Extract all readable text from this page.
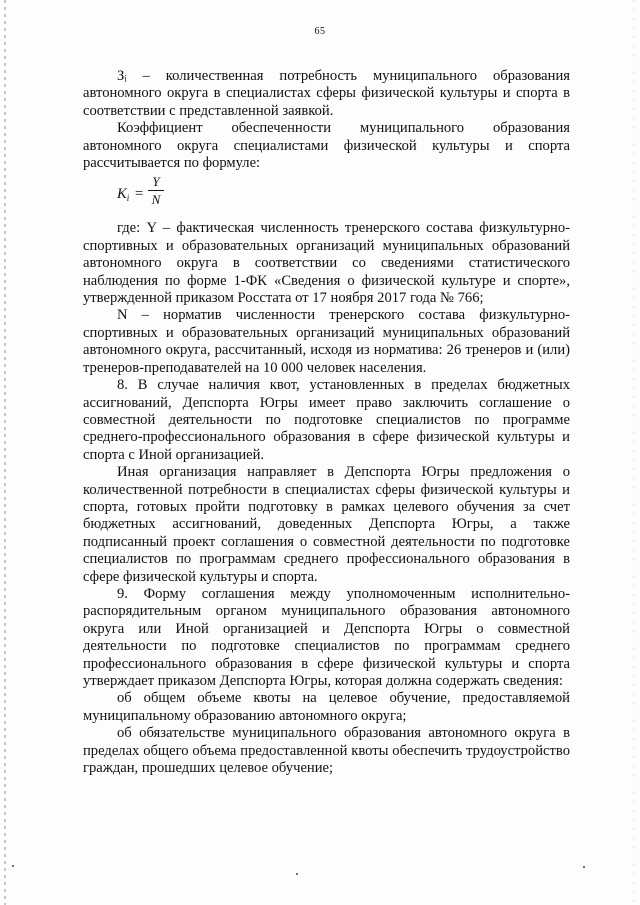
65

Зᵢ – количественная потребность муниципального образования автономного округа в специалистах сферы физической культуры и спорта в соответствии с представленной заявкой.

Коэффициент обеспеченности муниципального образования автономного округа специалистами физической культуры и спорта рассчитывается по формуле:

$K_i$ =
Y
N

где: Y – фактическая численность тренерского состава физкультурно-спортивных и образовательных организаций муниципальных образований автономного округа в соответствии со сведениями статистического наблюдения по форме 1-ФК «Сведения о физической культуре и спорте», утвержденной приказом Росстата от 17 ноября 2017 года № 766;

N – норматив численности тренерского состава физкультурно-спортивных и образовательных организаций муниципальных образований автономного округа, рассчитанный, исходя из норматива: 26 тренеров и (или) тренеров-преподавателей на 10 000 человек населения.

8. В случае наличия квот, установленных в пределах бюджетных ассигнований, Депспорта Югры имеет право заключить соглашение о совместной деятельности по подготовке специалистов по программе среднего-профессионального образования в сфере физической культуры и спорта с Иной организацией.

Иная организация направляет в Депспорта Югры предложения о количественной потребности в специалистах сферы физической культуры и спорта, готовых пройти подготовку в рамках целевого обучения за счет бюджетных ассигнований, доведенных Депспорта Югры, а также подписанный проект соглашения о совместной деятельности по подготовке специалистов по программам среднего профессионального образования в сфере физической культуры и спорта.

9. Форму соглашения между уполномоченным исполнительно-распорядительным органом муниципального образования автономного округа или Иной организацией и Депспорта Югры о совместной деятельности по подготовке специалистов по программам среднего профессионального образования в сфере физической культуры и спорта утверждает приказом Депспорта Югры, которая должна содержать сведения:

об общем объеме квоты на целевое обучение, предоставляемой муниципальному образованию автономного округа;

об обязательстве муниципального образования автономного округа в пределах общего объема предоставленной квоты обеспечить трудоустройство граждан, прошедших целевое обучение;
